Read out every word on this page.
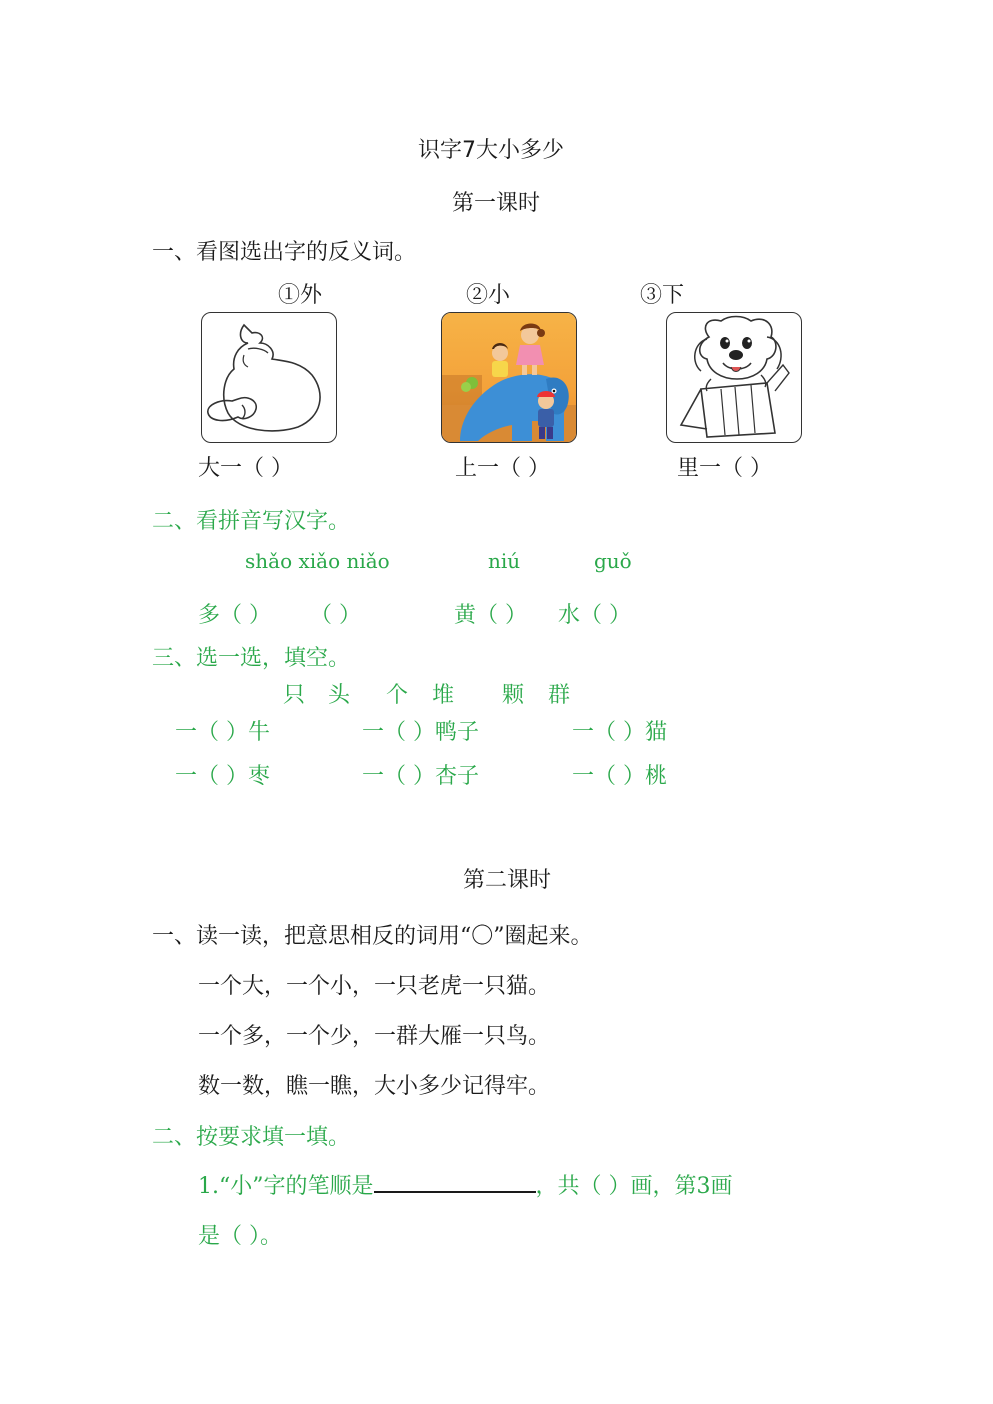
识字7大小多少
第一课时
一、看图选出字的反义词。
①外	②小	③下
大一（ ）	上一（ ）	里一（ ）
二、看拼音写汉字。
shǎo xiǎo niǎo	niú	guǒ
多（ ） （ ）	黄（ ） 水（ ）
三、选一选，填空。
只 头 个 堆 颗 群
一（ ）牛	一（ ）鸭子	一（ ）猫
一（ ）枣	一（ ）杏子	一（ ）桃
第二课时
一、读一读，把意思相反的词用“〇”圈起来。
一个大，一个小，一只老虎一只猫。
一个多，一个少，一群大雁一只鸟。
数一数，瞧一瞧，大小多少记得牢。
二、按要求填一填。
1.“小”字的笔顺是	，共（ ）画，第3画
是（ ）。
